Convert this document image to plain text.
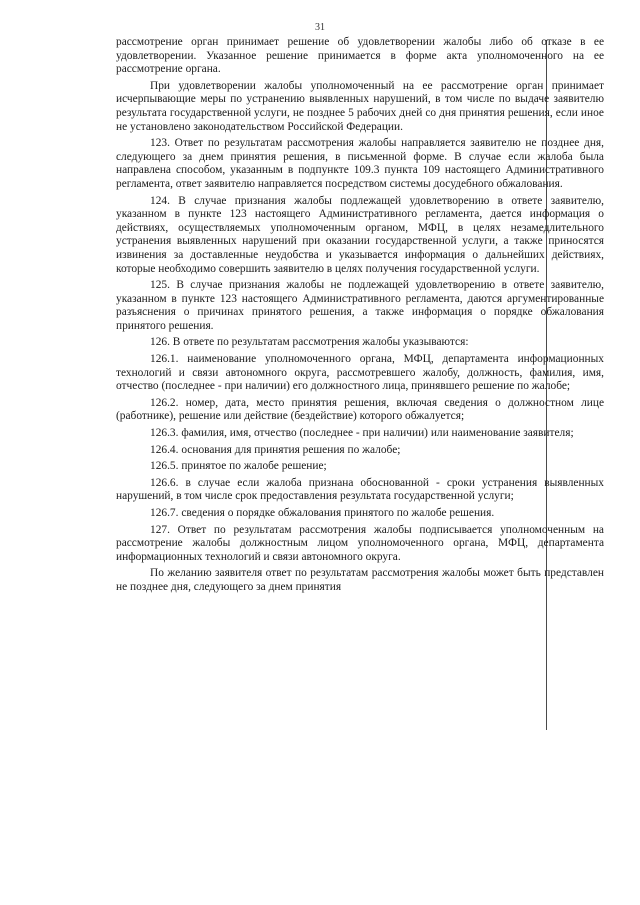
31

рассмотрение орган принимает решение об удовлетворении жалобы либо об отказе в ее удовлетворении. Указанное решение принимается в форме акта уполномоченного на ее рассмотрение органа.

При удовлетворении жалобы уполномоченный на ее рассмотрение орган принимает исчерпывающие меры по устранению выявленных нарушений, в том числе по выдаче заявителю результата государственной услуги, не позднее 5 рабочих дней со дня принятия решения, если иное не установлено законодательством Российской Федерации.

123. Ответ по результатам рассмотрения жалобы направляется заявителю не позднее дня, следующего за днем принятия решения, в письменной форме. В случае если жалоба была направлена способом, указанным в подпункте 109.3 пункта 109 настоящего Административного регламента, ответ заявителю направляется посредством системы досудебного обжалования.

124. В случае признания жалобы подлежащей удовлетворению в ответе заявителю, указанном в пункте 123 настоящего Административного регламента, дается информация о действиях, осуществляемых уполномоченным органом, МФЦ, в целях незамедлительного устранения выявленных нарушений при оказании государственной услуги, а также приносятся извинения за доставленные неудобства и указывается информация о дальнейших действиях, которые необходимо совершить заявителю в целях получения государственной услуги.

125. В случае признания жалобы не подлежащей удовлетворению в ответе заявителю, указанном в пункте 123 настоящего Административного регламента, даются аргументированные разъяснения о причинах принятого решения, а также информация о порядке обжалования принятого решения.

126. В ответе по результатам рассмотрения жалобы указываются:

126.1. наименование уполномоченного органа, МФЦ, департамента информационных технологий и связи автономного округа, рассмотревшего жалобу, должность, фамилия, имя, отчество (последнее - при наличии) его должностного лица, принявшего решение по жалобе;

126.2. номер, дата, место принятия решения, включая сведения о должностном лице (работнике), решение или действие (бездействие) которого обжалуется;

126.3. фамилия, имя, отчество (последнее - при наличии) или наименование заявителя;

126.4. основания для принятия решения по жалобе;

126.5. принятое по жалобе решение;

126.6. в случае если жалоба признана обоснованной - сроки устранения выявленных нарушений, в том числе срок предоставления результата государственной услуги;

126.7. сведения о порядке обжалования принятого по жалобе решения.

127. Ответ по результатам рассмотрения жалобы подписывается уполномоченным на рассмотрение жалобы должностным лицом уполномоченного органа, МФЦ, департамента информационных технологий и связи автономного округа.

По желанию заявителя ответ по результатам рассмотрения жалобы может быть представлен не позднее дня, следующего за днем принятия
